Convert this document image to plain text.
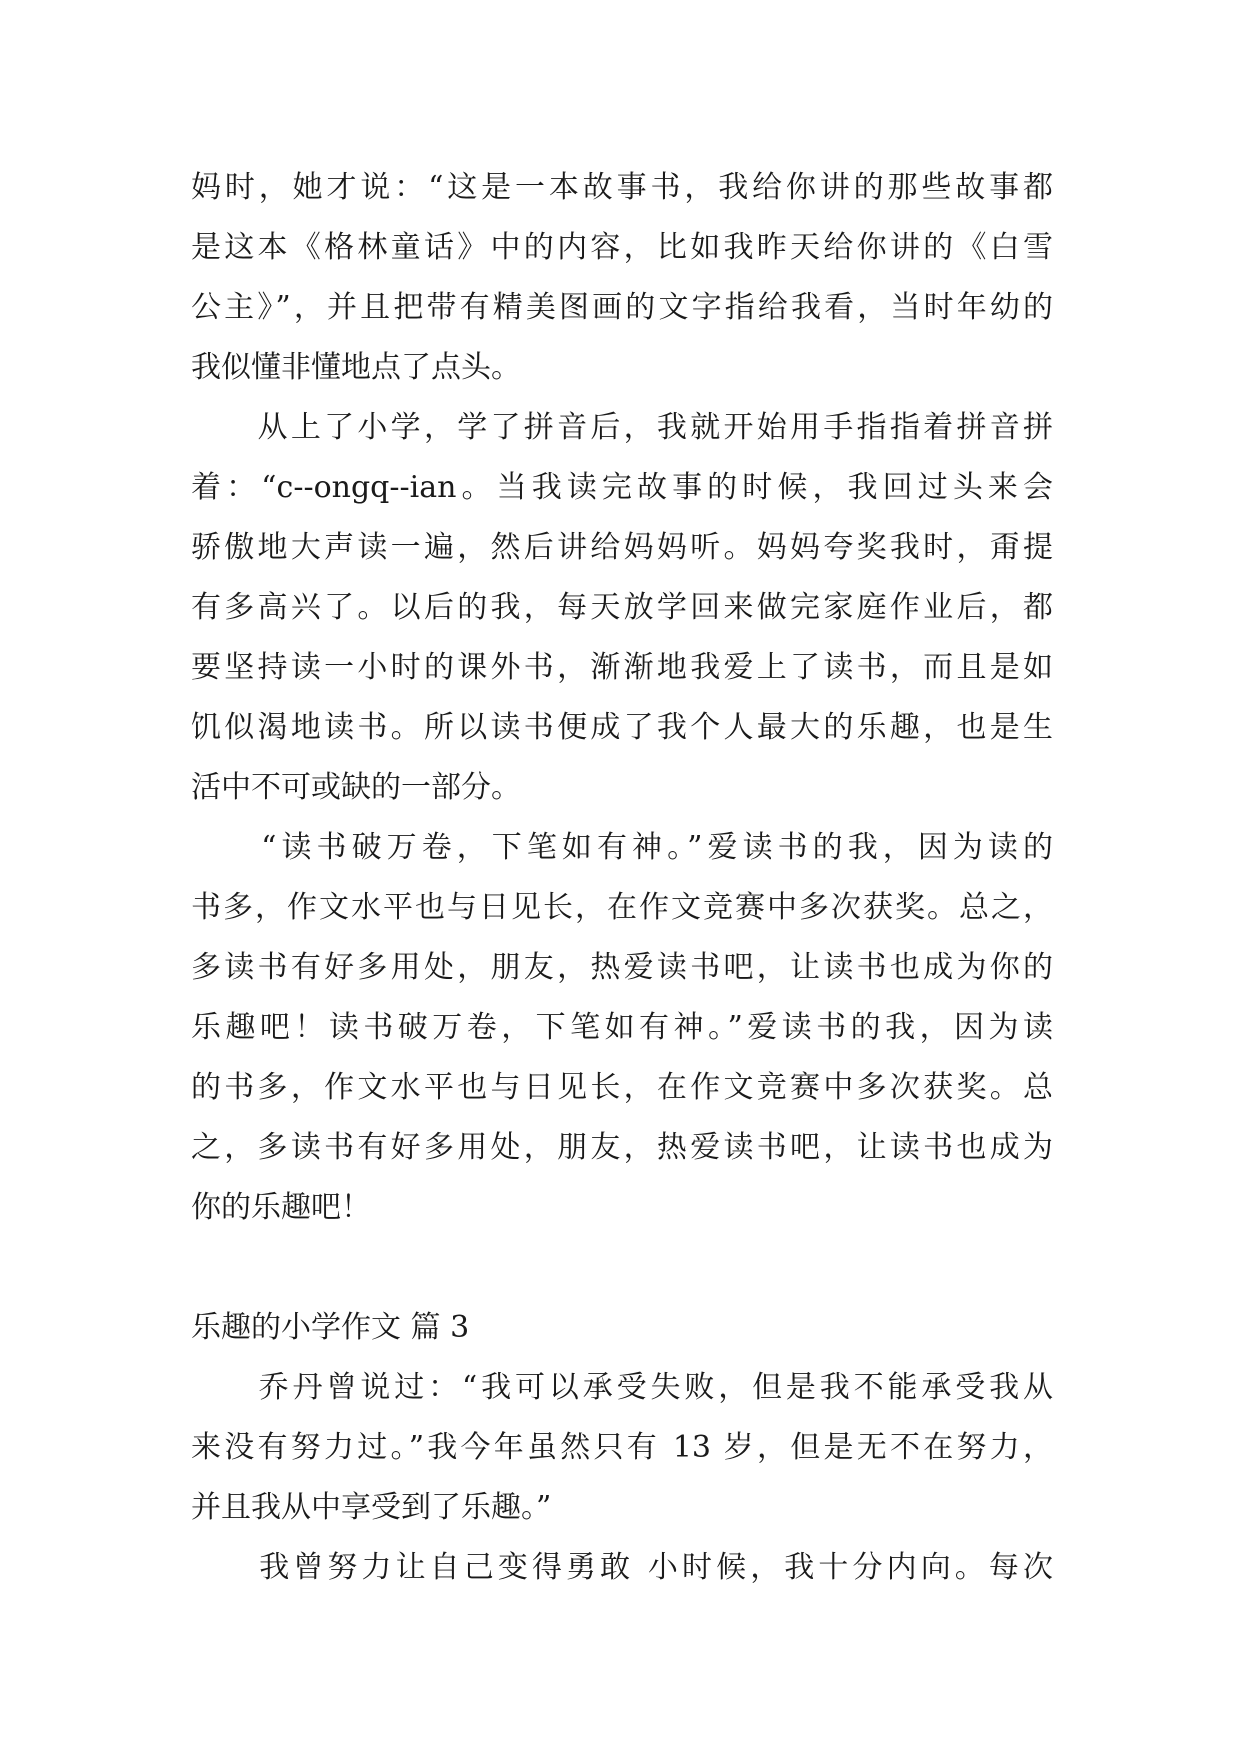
妈时，她才说：“这是一本故事书，我给你讲的那些故事都
是这本《格林童话》中的内容，比如我昨天给你讲的《白雪
公主》”，并且把带有精美图画的文字指给我看，当时年幼的
我似懂非懂地点了点头。
　　从上了小学，学了拼音后，我就开始用手指指着拼音拼
着：“c--ongq--ian。当我读完故事的时候，我回过头来会
骄傲地大声读一遍，然后讲给妈妈听。妈妈夸奖我时，甭提
有多高兴了。以后的我，每天放学回来做完家庭作业后，都
要坚持读一小时的课外书，渐渐地我爱上了读书，而且是如
饥似渴地读书。所以读书便成了我个人最大的乐趣，也是生
活中不可或缺的一部分。
　　“读书破万卷，下笔如有神。”爱读书的我，因为读的
书多，作文水平也与日见长，在作文竞赛中多次获奖。总之，
多读书有好多用处，朋友，热爱读书吧，让读书也成为你的
乐趣吧！读书破万卷，下笔如有神。”爱读书的我，因为读
的书多，作文水平也与日见长，在作文竞赛中多次获奖。总
之，多读书有好多用处，朋友，热爱读书吧，让读书也成为
你的乐趣吧！
乐趣的小学作文 篇 3
　　乔丹曾说过：“我可以承受失败，但是我不能承受我从
来没有努力过。”我今年虽然只有 13 岁，但是无不在努力，
并且我从中享受到了乐趣。”
　　我曾努力让自己变得勇敢 小时候，我十分内向。每次
